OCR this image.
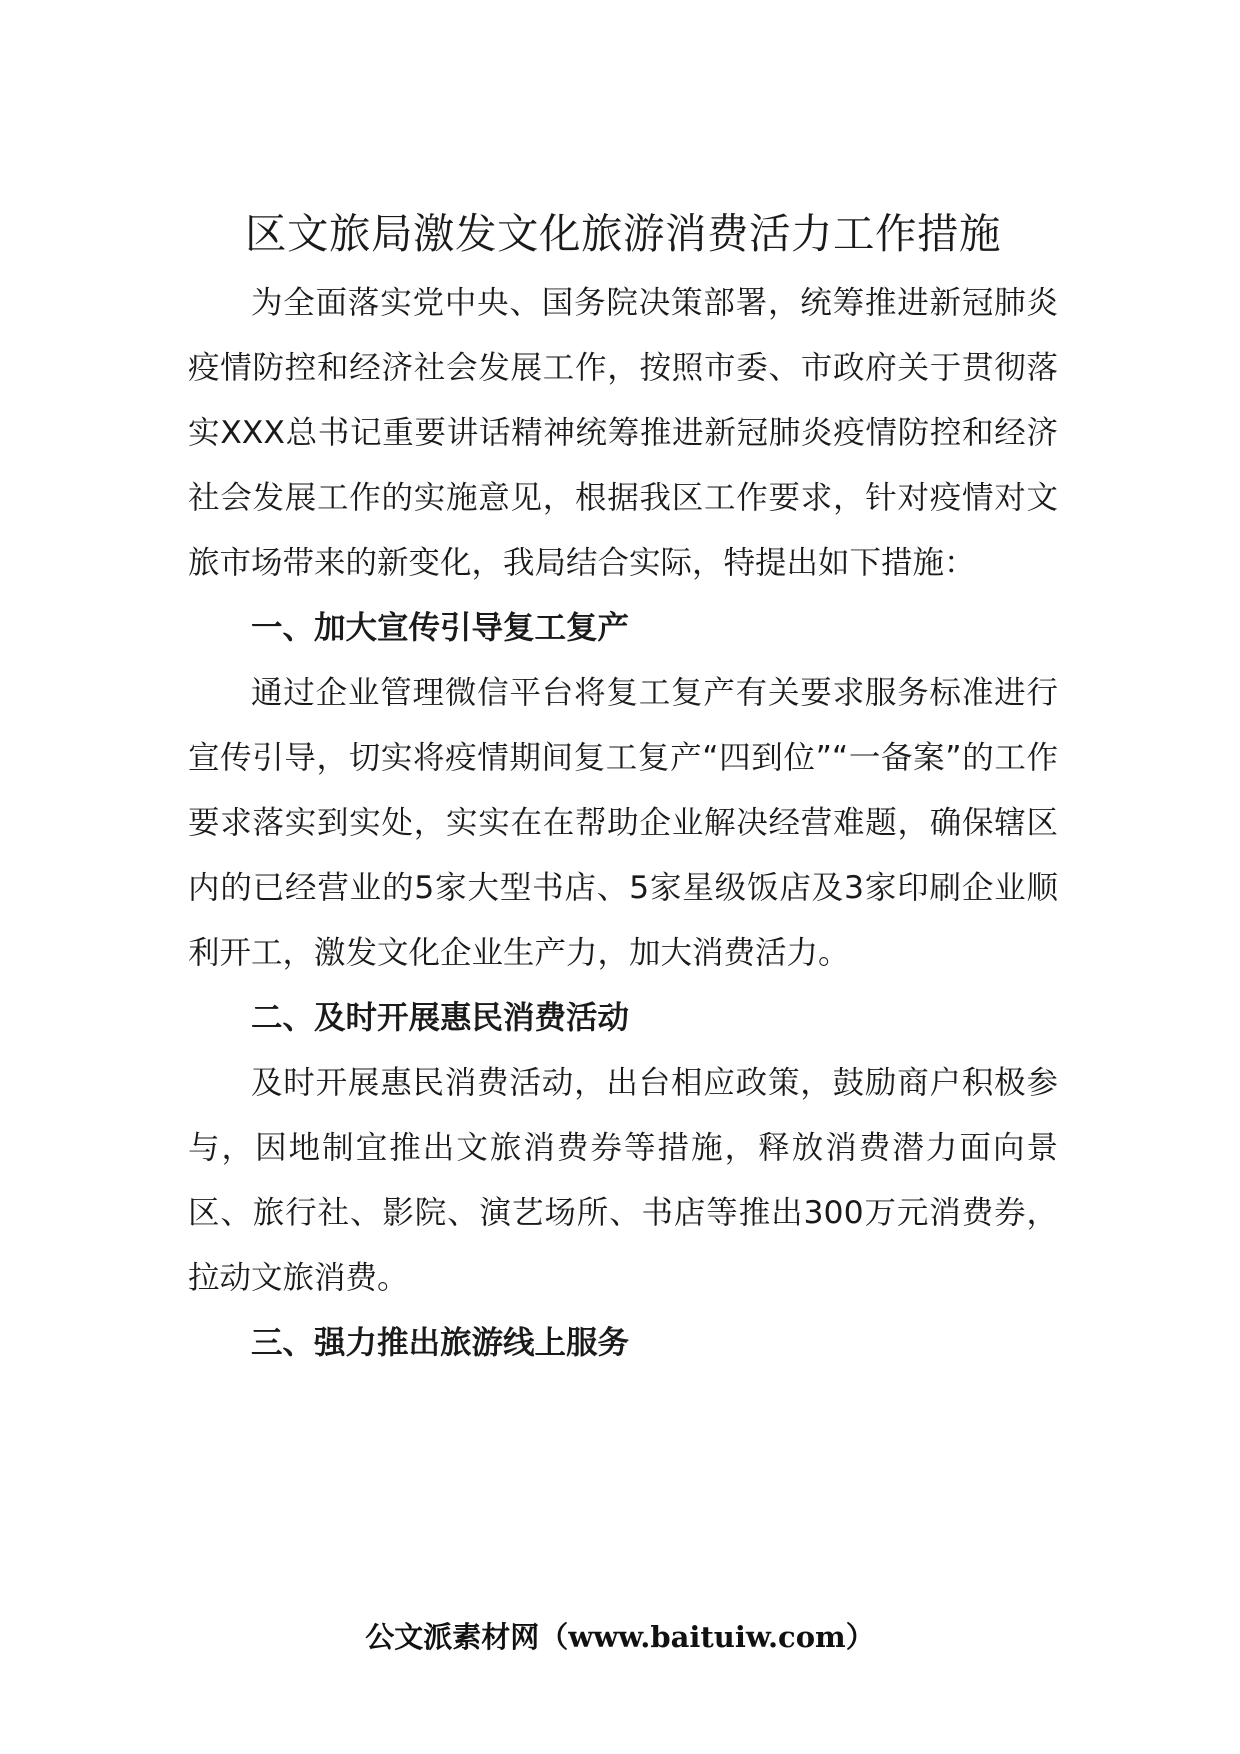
区文旅局激发文化旅游消费活力工作措施

为全面落实党中央、国务院决策部署，统筹推进新冠肺炎疫情防控和经济社会发展工作，按照市委、市政府关于贯彻落实XXX总书记重要讲话精神统筹推进新冠肺炎疫情防控和经济社会发展工作的实施意见，根据我区工作要求，针对疫情对文旅市场带来的新变化，我局结合实际，特提出如下措施：

一、加大宣传引导复工复产

通过企业管理微信平台将复工复产有关要求服务标准进行宣传引导，切实将疫情期间复工复产“四到位”“一备案”的工作要求落实到实处，实实在在帮助企业解决经营难题，确保辖区内的已经营业的5家大型书店、5家星级饭店及3家印刷企业顺利开工，激发文化企业生产力，加大消费活力。

二、及时开展惠民消费活动

及时开展惠民消费活动，出台相应政策，鼓励商户积极参与，因地制宜推出文旅消费券等措施，释放消费潜力面向景区、旅行社、影院、演艺场所、书店等推出300万元消费券，拉动文旅消费。

三、强力推出旅游线上服务
公文派素材网（www.baituiw.com）
